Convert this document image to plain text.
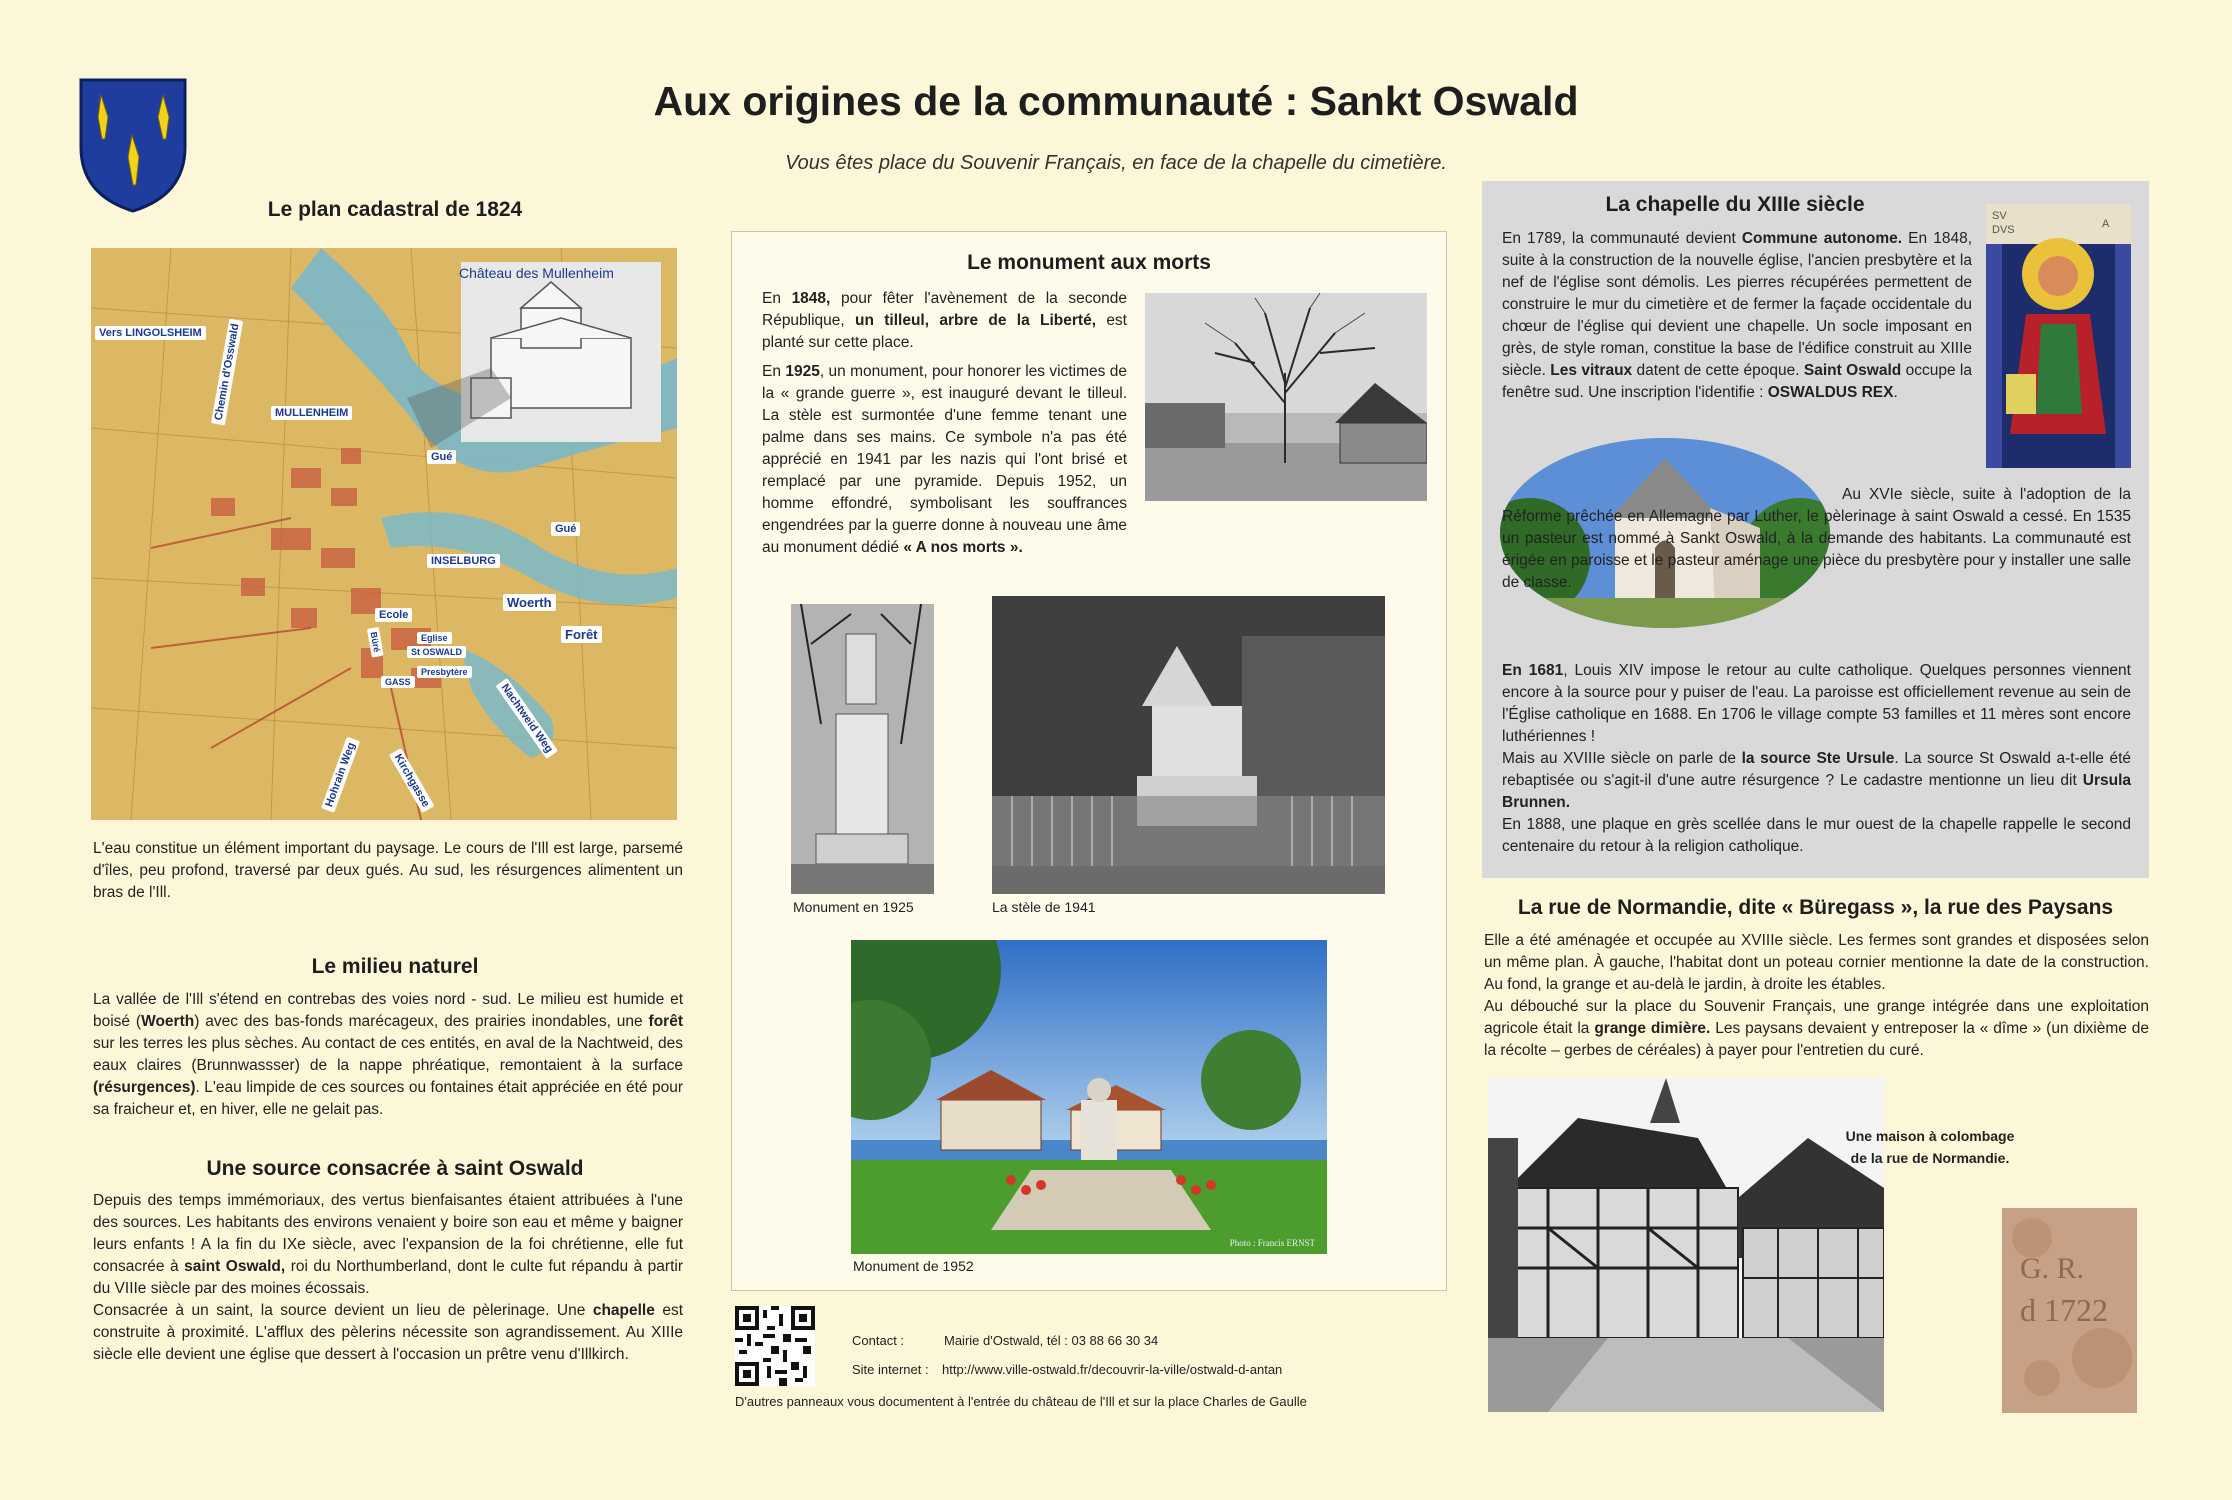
Aux origines de la communauté : Sankt Oswald
Vous êtes place du Souvenir Français, en face de la chapelle du cimetière.
Le plan cadastral de 1824
Château des Mullenheim
Vers LINGOLSHEIM Chemin d'Osswald	MULLENHEIM
Gué
Gué
INSELBURG
Woerth
Forêt
Ecole
Eglise
St OSWALD
Presbytère
Büré
GASS	Nachtweid Weg
Hohrain Weg	Kirchgasse
L'eau constitue un élément important du paysage. Le cours de l'Ill est large, parsemé d'îles, peu profond, traversé par deux gués. Au sud, les résurgences alimentent un bras de l'Ill.
Le milieu naturel
La vallée de l'Ill s'étend en contrebas des voies nord - sud. Le milieu est humide et boisé (Woerth) avec des bas-fonds marécageux, des prairies inondables, une forêt sur les terres les plus sèches. Au contact de ces entités, en aval de la Nachtweid, des eaux claires (Brunnwassser) de la nappe phréatique, remontaient à la surface (résurgences). L'eau limpide de ces sources ou fontaines était appréciée en été pour sa fraicheur et, en hiver, elle ne gelait pas.
Une source consacrée à saint Oswald

Depuis des temps immémoriaux, des vertus bienfaisantes étaient attribuées à l'une des sources. Les habitants des environs venaient y boire son eau et même y baigner leurs enfants ! A la fin du IXe siècle, avec l'expansion de la foi chrétienne, elle fut consacrée à saint Oswald, roi du Northumberland, dont le culte fut répandu à partir du VIIIe siècle par des moines écossais.

Consacrée à un saint, la source devient un lieu de pèlerinage. Une chapelle est construite à proximité. L'afflux des pèlerins nécessite son agrandissement. Au XIIIe siècle elle devient une église que dessert à l'occasion un prêtre venu d'Illkirch.

Le monument aux morts

En 1848, pour fêter l'avènement de la seconde République, un tilleul, arbre de la Liberté, est planté sur cette place.

En 1925, un monument, pour honorer les victimes de la « grande guerre », est inauguré devant le tilleul. La stèle est surmontée d'une femme tenant une palme dans ses mains. Ce symbole n'a pas été apprécié en 1941 par les nazis qui l'ont brisé et remplacé par une pyramide. Depuis 1952, un homme effondré, symbolisant les souffrances engendrées par la guerre donne à nouveau une âme au monument dédié « A nos morts ».

Monument en 1925	La stèle de 1941
Photo : Francis ERNST
Monument de 1952
Contact :	Mairie d'Ostwald, tél : 03 88 66 30 34
Site internet : http://www.ville-ostwald.fr/decouvrir-la-ville/ostwald-d-antan
D'autres panneaux vous documentent à l'entrée du château de l'Ill et sur la place Charles de Gaulle
La chapelle du XIIIe siècle	SV
DVS	A
En 1789, la communauté devient Commune autonome. En 1848, suite à la construction de la nouvelle église, l'ancien presbytère et la nef de l'église sont démolis. Les pierres récupérées permettent de construire le mur du cimetière et de fermer la façade occidentale du chœur de l'église qui devient une chapelle. Un socle imposant en grès, de style roman, constitue la base de l'édifice construit au XIIIe siècle. Les vitraux datent de cette époque. Saint Oswald occupe la fenêtre sud. Une inscription l'identifie : OSWALDUS REX.
Au XVIe siècle, suite à l'adoption de la Réforme prêchée en Allemagne par Luther, le pèlerinage à saint Oswald a cessé. En 1535 un pasteur est nommé à Sankt Oswald, à la demande des habitants. La communauté est érigée en paroisse et le pasteur aménage une pièce du presbytère pour y installer une salle de classe.

En 1681, Louis XIV impose le retour au culte catholique. Quelques personnes viennent encore à la source pour y puiser de l'eau. La paroisse est officiellement revenue au sein de l'Église catholique en 1688. En 1706 le village compte 53 familles et 11 mères sont encore luthériennes !

Mais au XVIIIe siècle on parle de la source Ste Ursule. La source St Oswald a-t-elle été rebaptisée ou s'agit-il d'une autre résurgence ? Le cadastre mentionne un lieu dit Ursula Brunnen.

En 1888, une plaque en grès scellée dans le mur ouest de la chapelle rappelle le second centenaire du retour à la religion catholique.

La rue de Normandie, dite « Büregass », la rue des Paysans

Elle a été aménagée et occupée au XVIIIe siècle. Les fermes sont grandes et disposées selon un même plan. À gauche, l'habitat dont un poteau cornier mentionne la date de la construction. Au fond, la grange et au-delà le jardin, à droite les étables.

Au débouché sur la place du Souvenir Français, une grange intégrée dans une exploitation agricole était la grange dimière. Les paysans devaient y entreposer la « dîme » (un dixième de la récolte – gerbes de céréales) à payer pour l'entretien du curé.

Une maison à colombage
de la rue de Normandie.
G. R.
d 1722
